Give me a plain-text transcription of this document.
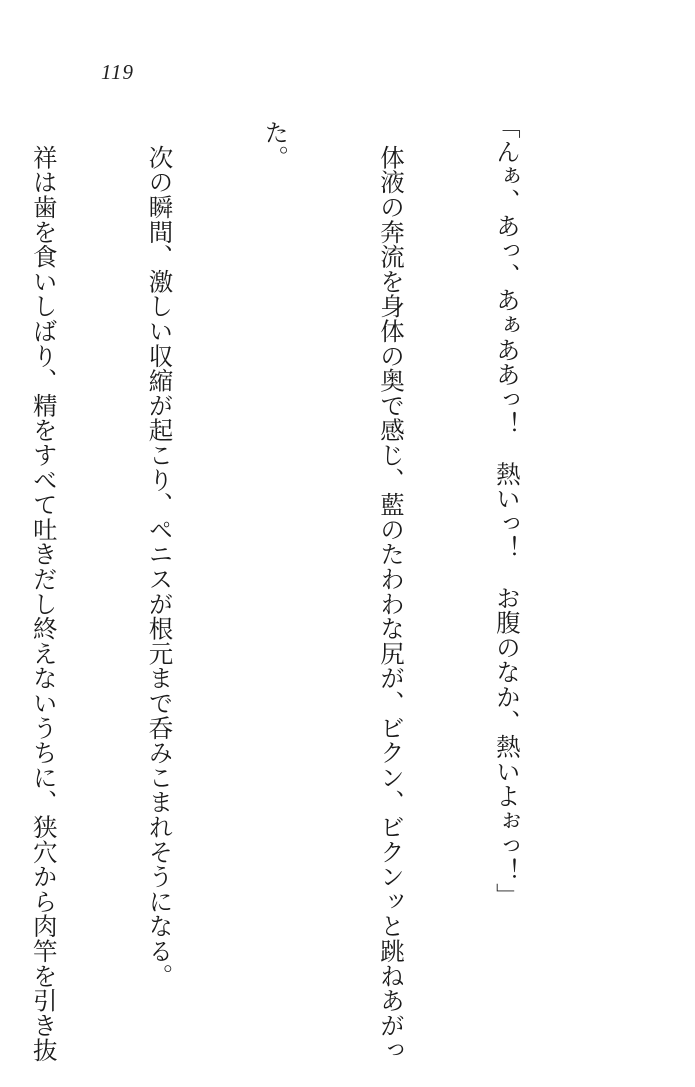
119

「んぁ、あっ、あぁああっ！　熱いっ！　お腹のなか、熱いよぉっ！」

　体液の奔流を身体の奥で感じ、藍のたわわな尻が、ビクン、ビクンッと跳ねあがっ

た。

　次の瞬間、激しい収縮が起こり、ペニスが根元まで呑みこまれそうになる。

　祥は歯を食いしばり、精をすべて吐きだし終えないうちに、狭穴から肉竿を引き抜
